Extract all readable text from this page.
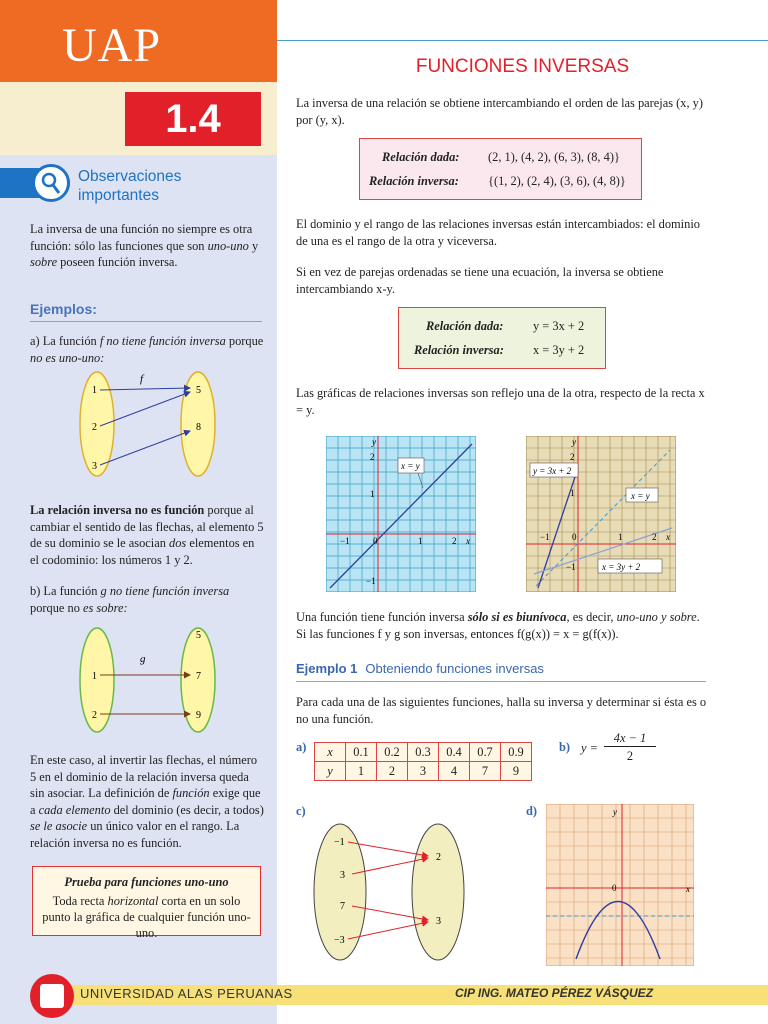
UAP
1.4
Observaciones
importantes
La inversa de una función no siempre es otra función: sólo las funciones que son uno-uno y sobre poseen función inversa.
Ejemplos:
a) La función f no tiene función inversa porque no es uno-uno:
1
2
3
5
8
f
La relación inversa no es función porque al cambiar el sentido de las flechas, al elemento 5 de su dominio se le asocian dos elementos en el codominio: los números 1 y 2.
b) La función g no tiene función inversa porque no es sobre:
1
2
5
7
9
g
En este caso, al invertir las flechas, el número 5 en el dominio de la relación inversa queda sin asociar. La definición de función exige que a cada elemento del dominio (es decir, a todos) se le asocie un único valor en el rango. La relación inversa no es función.
Prueba para funciones uno-uno
Toda recta horizontal corta en un solo punto la gráfica de cualquier función uno-uno.
FUNCIONES INVERSAS
La inversa de una relación se obtiene intercambiando el orden de las parejas (x, y) por (y, x).
Relación dada: (2, 1), (4, 2), (6, 3), (8, 4)}
Relación inversa: {(1, 2), (2, 4), (3, 6), (4, 8)}
El dominio y el rango de las relaciones inversas están intercambiados: el dominio de una es el rango de la otra y viceversa.
Si en vez de parejas ordenadas se tiene una ecuación, la inversa se obtiene intercambiando x-y.
Relación dada: y = 3x + 2
Relación inversa: x = 3y + 2
Las gráficas de relaciones inversas son reflejo una de la otra, respecto de la recta x = y.
x = y
−1	0	1	2
2
1
−1
x
y
y = 3x + 2
x = y
x = 3y + 2
−1 0	1	2
2
1
−1
x
y
Una función tiene función inversa sólo si es biunívoca, es decir, uno-uno y sobre. Si las funciones f y g son inversas, entonces f(g(x)) = x = g(f(x)).
Ejemplo 1 Obteniendo funciones inversas
Para cada una de las siguientes funciones, halla su inversa y determinar si ésta es o no una función.
a) x	0.1	0.2	0.3	0.4	0.7	0.9
y	1	2	3	4	7	9
b) y =
4x − 1
2
c)
−1
3
7
−3
2
3
d)
0	x
y
UNIVERSIDAD ALAS PERUANAS	CIP ING. MATEO PÉREZ VÁSQUEZ
